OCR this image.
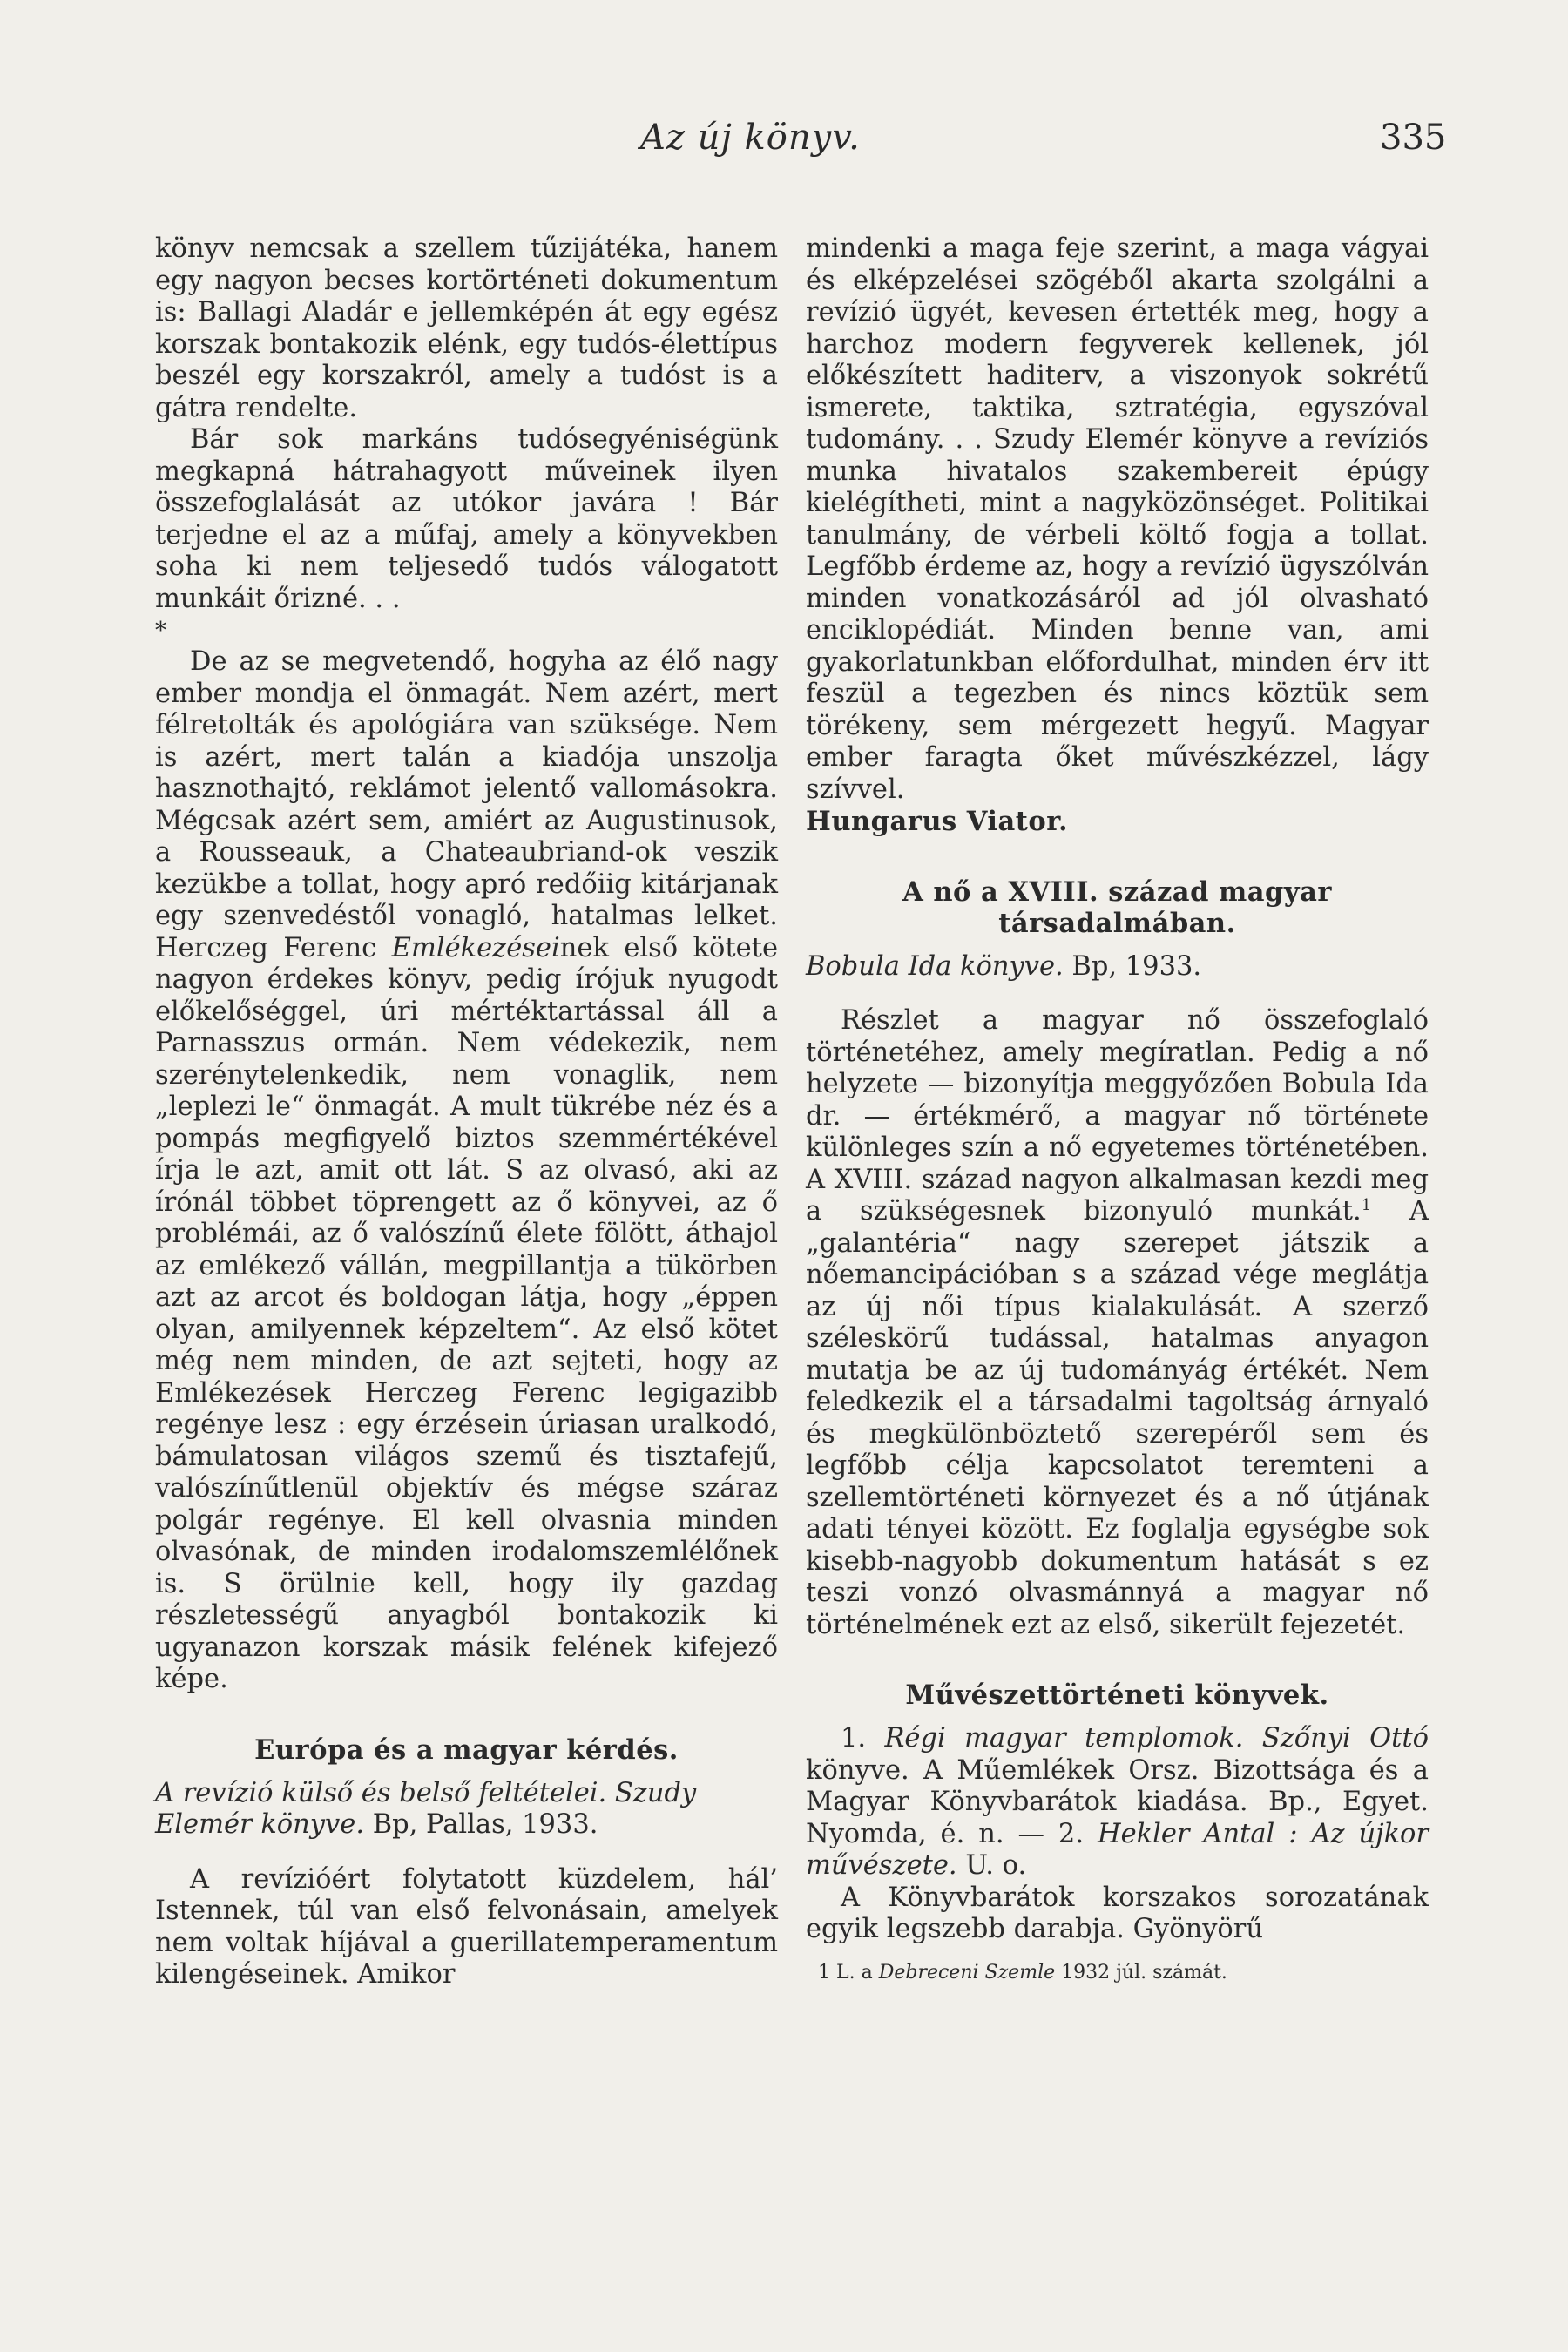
Az új könyv.	335

könyv nemcsak a szellem tűzijátéka, hanem egy nagyon becses kortörténeti dokumentum is: Ballagi Aladár e jellemképén át egy egész korszak bontakozik elénk, egy tudós-élettípus beszél egy korszakról, amely a tudóst is a gátra rendelte.

Bár sok markáns tudósegyéniségünk megkapná hátrahagyott műveinek ilyen összefoglalását az utókor javára ! Bár terjedne el az a műfaj, amely a könyvekben soha ki nem teljesedő tudós válogatott munkáit őrizné. . .

*

De az se megvetendő, hogyha az élő nagy ember mondja el önmagát. Nem azért, mert félretolták és apológiára van szüksége. Nem is azért, mert talán a kiadója unszolja hasznothajtó, reklámot jelentő vallomásokra. Mégcsak azért sem, amiért az Augustinusok, a Rousseauk, a Chateaubriand-ok veszik kezükbe a tollat, hogy apró redőiig kitárjanak egy szenvedéstől vonagló, hatalmas lelket. Herczeg Ferenc Emlékezéseinek első kötete nagyon érdekes könyv, pedig írójuk nyugodt előkelőséggel, úri mértéktartással áll a Parnasszus ormán. Nem védekezik, nem szerénytelenkedik, nem vonaglik, nem „leplezi le“ önmagát. A mult tükrébe néz és a pompás megfigyelő biztos szemmértékével írja le azt, amit ott lát. S az olvasó, aki az írónál többet töprengett az ő könyvei, az ő problémái, az ő valószínű élete fölött, áthajol az emlékező vállán, megpillantja a tükörben azt az arcot és boldogan látja, hogy „éppen olyan, amilyennek képzeltem“. Az első kötet még nem minden, de azt sejteti, hogy az Emlékezések Herczeg Ferenc legigazibb regénye lesz : egy érzésein úriasan uralkodó, bámulatosan világos szemű és tisztafejű, valószínűtlenül objektív és mégse száraz polgár regénye. El kell olvasnia minden olvasónak, de minden irodalomszemlélőnek is. S örülnie kell, hogy ily gazdag részletességű anyagból bontakozik ki ugyanazon korszak másik felének kifejező képe.

Európa és a magyar kérdés.

A revízió külső és belső feltételei. Szudy Elemér könyve. Bp, Pallas, 1933.

A revízióért folytatott küzdelem, hál’ Istennek, túl van első felvonásain, amelyek nem voltak híjával a guerillatemperamentum kilengéseinek. Amikor

mindenki a maga feje szerint, a maga vágyai és elképzelései szögéből akarta szolgálni a revízió ügyét, kevesen értették meg, hogy a harchoz modern fegyverek kellenek, jól előkészített haditerv, a viszonyok sokrétű ismerete, taktika, sztratégia, egyszóval tudomány. . . Szudy Elemér könyve a revíziós munka hivatalos szakembereit épúgy kielégítheti, mint a nagyközönséget. Politikai tanulmány, de vérbeli költő fogja a tollat. Legfőbb érdeme az, hogy a revízió ügyszólván minden vonatkozásáról ad jól olvasható enciklopédiát. Minden benne van, ami gyakorlatunkban előfordulhat, minden érv itt feszül a tegezben és nincs köztük sem törékeny, sem mérgezett hegyű. Magyar ember faragta őket művészkézzel, lágy szívvel.

Hungarus Viator.

A nő a XVIII. század magyar társadalmában.

Bobula Ida könyve. Bp, 1933.

Részlet a magyar nő összefoglaló történetéhez, amely megíratlan. Pedig a nő helyzete — bizonyítja meggyőzően Bobula Ida dr. — értékmérő, a magyar nő története különleges szín a nő egyetemes történetében. A XVIII. század nagyon alkalmasan kezdi meg a szükségesnek bizonyuló munkát.$^1$ A „galantéria“ nagy szerepet játszik a nőemancipációban s a század vége meglátja az új női típus kialakulását. A szerző széleskörű tudással, hatalmas anyagon mutatja be az új tudományág értékét. Nem feledkezik el a társadalmi tagoltság árnyaló és megkülönböztető szerepéről sem és legfőbb célja kapcsolatot teremteni a szellemtörténeti környezet és a nő útjának adati tényei között. Ez foglalja egységbe sok kisebb-nagyobb dokumentum hatását s ez teszi vonzó olvasmánnyá a magyar nő történelmének ezt az első, sikerült fejezetét.

Művészettörténeti könyvek.

1. Régi magyar templomok. Szőnyi Ottó könyve. A Műemlékek Orsz. Bizottsága és a Magyar Könyvbarátok kiadása. Bp., Egyet. Nyomda, é. n. — 2. Hekler Antal : Az újkor művészete. U. o.

A Könyvbarátok korszakos sorozatának egyik legszebb darabja. Gyönyörű

1 L. a Debreceni Szemle 1932 júl. számát.
